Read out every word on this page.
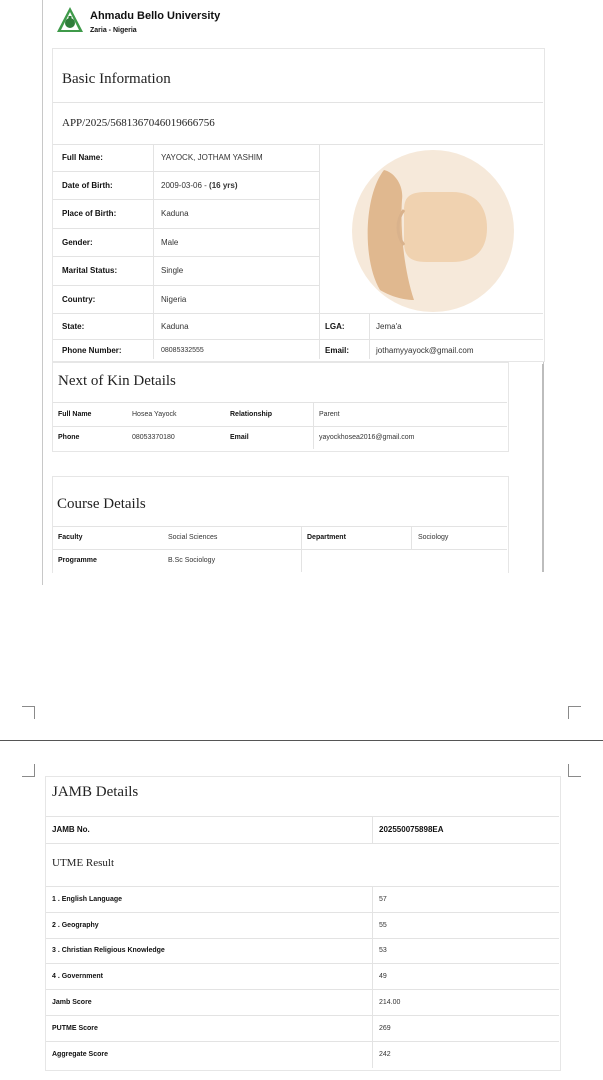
Ahmadu Bello University
Zaria - Nigeria
Basic Information
APP/2025/5681367046019666756
Full Name:	YAYOCK, JOTHAM YASHIM
Date of Birth:	2009-03-06 - (16 yrs)
Place of Birth:	Kaduna
Gender:	Male
Marital Status:	Single
Country:	Nigeria
State:	Kaduna	LGA:	Jema'a
Phone Number:	08085332555	Email:	jothamyyayock@gmail.com
Next of Kin Details
Full Name	Hosea Yayock	Relationship	Parent
Phone	08053370180	Email	yayockhosea2016@gmail.com
Course Details
Faculty	Social Sciences	Department	Sociology
Programme	B.Sc Sociology
JAMB Details
JAMB No.	202550075898EA
UTME Result
1 . English Language	57
2 . Geography	55
3 . Christian Religious Knowledge	53
4 . Government	49
Jamb Score	214.00
PUTME Score	269
Aggregate Score	242
